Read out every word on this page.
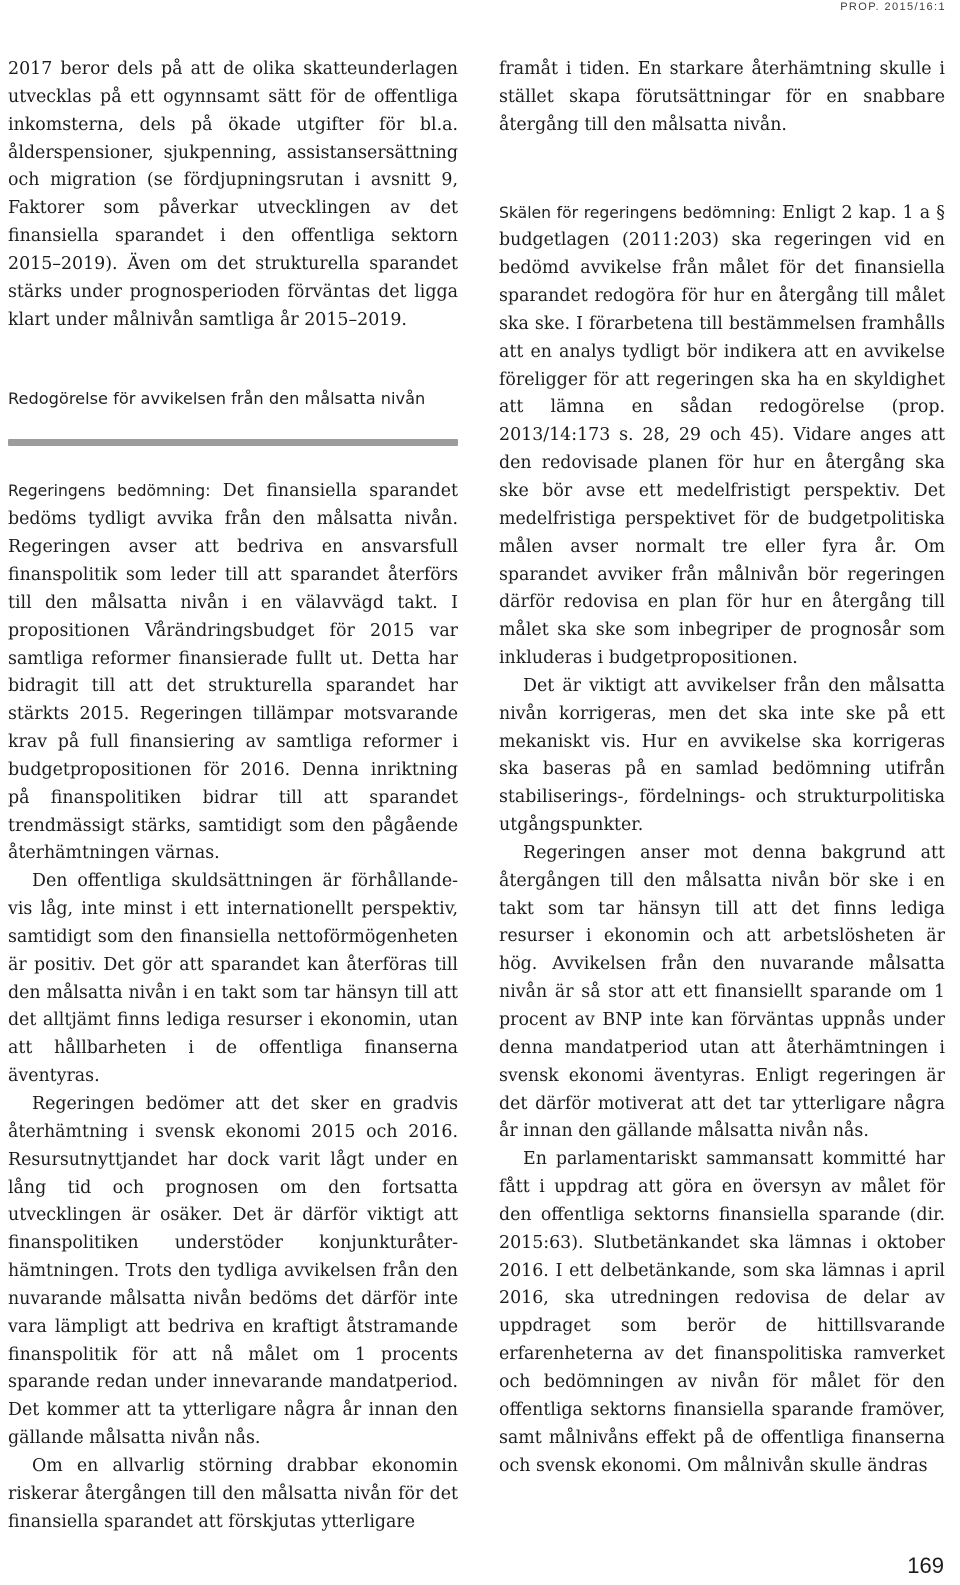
PROP. 2015/16:1

2017 beror dels på att de olika skatteunderlagen utvecklas på ett ogynnsamt sätt för de offentliga inkomsterna, dels på ökade utgifter för bl.a. ålderspensioner, sjukpenning, assistansersättning och migration (se fördjupningsrutan i avsnitt 9, Faktorer som påverkar utvecklingen av det finansiella sparandet i den offentliga sektorn 2015–2019). Även om det strukturella sparandet stärks under prognosperioden förväntas det ligga klart under målnivån samtliga år 2015–2019.

Redogörelse för avvikelsen från den målsatta nivån

Regeringens bedömning: Det finansiella sparandet bedöms tydligt avvika från den målsatta nivån. Regeringen avser att bedriva en ansvarsfull finanspolitik som leder till att sparandet återförs till den målsatta nivån i en välavvägd takt. I propositionen Vårändringsbudget för 2015 var samtliga reformer finansierade fullt ut. Detta har bidragit till att det strukturella sparandet har stärkts 2015. Regeringen tillämpar motsvarande krav på full finansiering av samtliga reformer i budgetpropositionen för 2016. Denna inriktning på finanspolitiken bidrar till att sparandet trendmässigt stärks, samtidigt som den pågående återhämtningen värnas.

Den offentliga skuldsättningen är förhållandevis låg, inte minst i ett internationellt perspektiv, samtidigt som den finansiella nettoförmögenheten är positiv. Det gör att sparandet kan återföras till den målsatta nivån i en takt som tar hänsyn till att det alltjämt finns lediga resurser i ekonomin, utan att hållbarheten i de offentliga finanserna äventyras.

Regeringen bedömer att det sker en gradvis återhämtning i svensk ekonomi 2015 och 2016. Resursutnyttjandet har dock varit lågt under en lång tid och prognosen om den fortsatta utvecklingen är osäker. Det är därför viktigt att finanspolitiken understöder konjunkturåterhämtningen. Trots den tydliga avvikelsen från den nuvarande målsatta nivån bedöms det därför inte vara lämpligt att bedriva en kraftigt åtstramande finanspolitik för att nå målet om 1 procents sparande redan under innevarande mandatperiod. Det kommer att ta ytterligare några år innan den gällande målsatta nivån nås.

Om en allvarlig störning drabbar ekonomin riskerar återgången till den målsatta nivån för det finansiella sparandet att förskjutas ytterligare

framåt i tiden. En starkare återhämtning skulle i stället skapa förutsättningar för en snabbare återgång till den målsatta nivån.

Skälen för regeringens bedömning: Enligt 2 kap. 1 a § budgetlagen (2011:203) ska regeringen vid en bedömd avvikelse från målet för det finansiella sparandet redogöra för hur en återgång till målet ska ske. I förarbetena till bestämmelsen framhålls att en analys tydligt bör indikera att en avvikelse föreligger för att regeringen ska ha en skyldighet att lämna en sådan redogörelse (prop. 2013/14:173 s. 28, 29 och 45). Vidare anges att den redovisade planen för hur en återgång ska ske bör avse ett medelfristigt perspektiv. Det medelfristiga perspektivet för de budgetpolitiska målen avser normalt tre eller fyra år. Om sparandet avviker från målnivån bör regeringen därför redovisa en plan för hur en återgång till målet ska ske som inbegriper de prognosår som inkluderas i budgetpropositionen.

Det är viktigt att avvikelser från den målsatta nivån korrigeras, men det ska inte ske på ett mekaniskt vis. Hur en avvikelse ska korrigeras ska baseras på en samlad bedömning utifrån stabiliserings-, fördelnings- och strukturpolitiska utgångspunkter.

Regeringen anser mot denna bakgrund att återgången till den målsatta nivån bör ske i en takt som tar hänsyn till att det finns lediga resurser i ekonomin och att arbetslösheten är hög. Avvikelsen från den nuvarande målsatta nivån är så stor att ett finansiellt sparande om 1 procent av BNP inte kan förväntas uppnås under denna mandatperiod utan att återhämtningen i svensk ekonomi äventyras. Enligt regeringen är det därför motiverat att det tar ytterligare några år innan den gällande målsatta nivån nås.

En parlamentariskt sammansatt kommitté har fått i uppdrag att göra en översyn av målet för den offentliga sektorns finansiella sparande (dir. 2015:63). Slutbetänkandet ska lämnas i oktober 2016. I ett delbetänkande, som ska lämnas i april 2016, ska utredningen redovisa de delar av uppdraget som berör de hittillsvarande erfarenheterna av det finanspolitiska ramverket och bedömningen av nivån för målet för den offentliga sektorns finansiella sparande framöver, samt målnivåns effekt på de offentliga finanserna och svensk ekonomi. Om målnivån skulle ändras

169
